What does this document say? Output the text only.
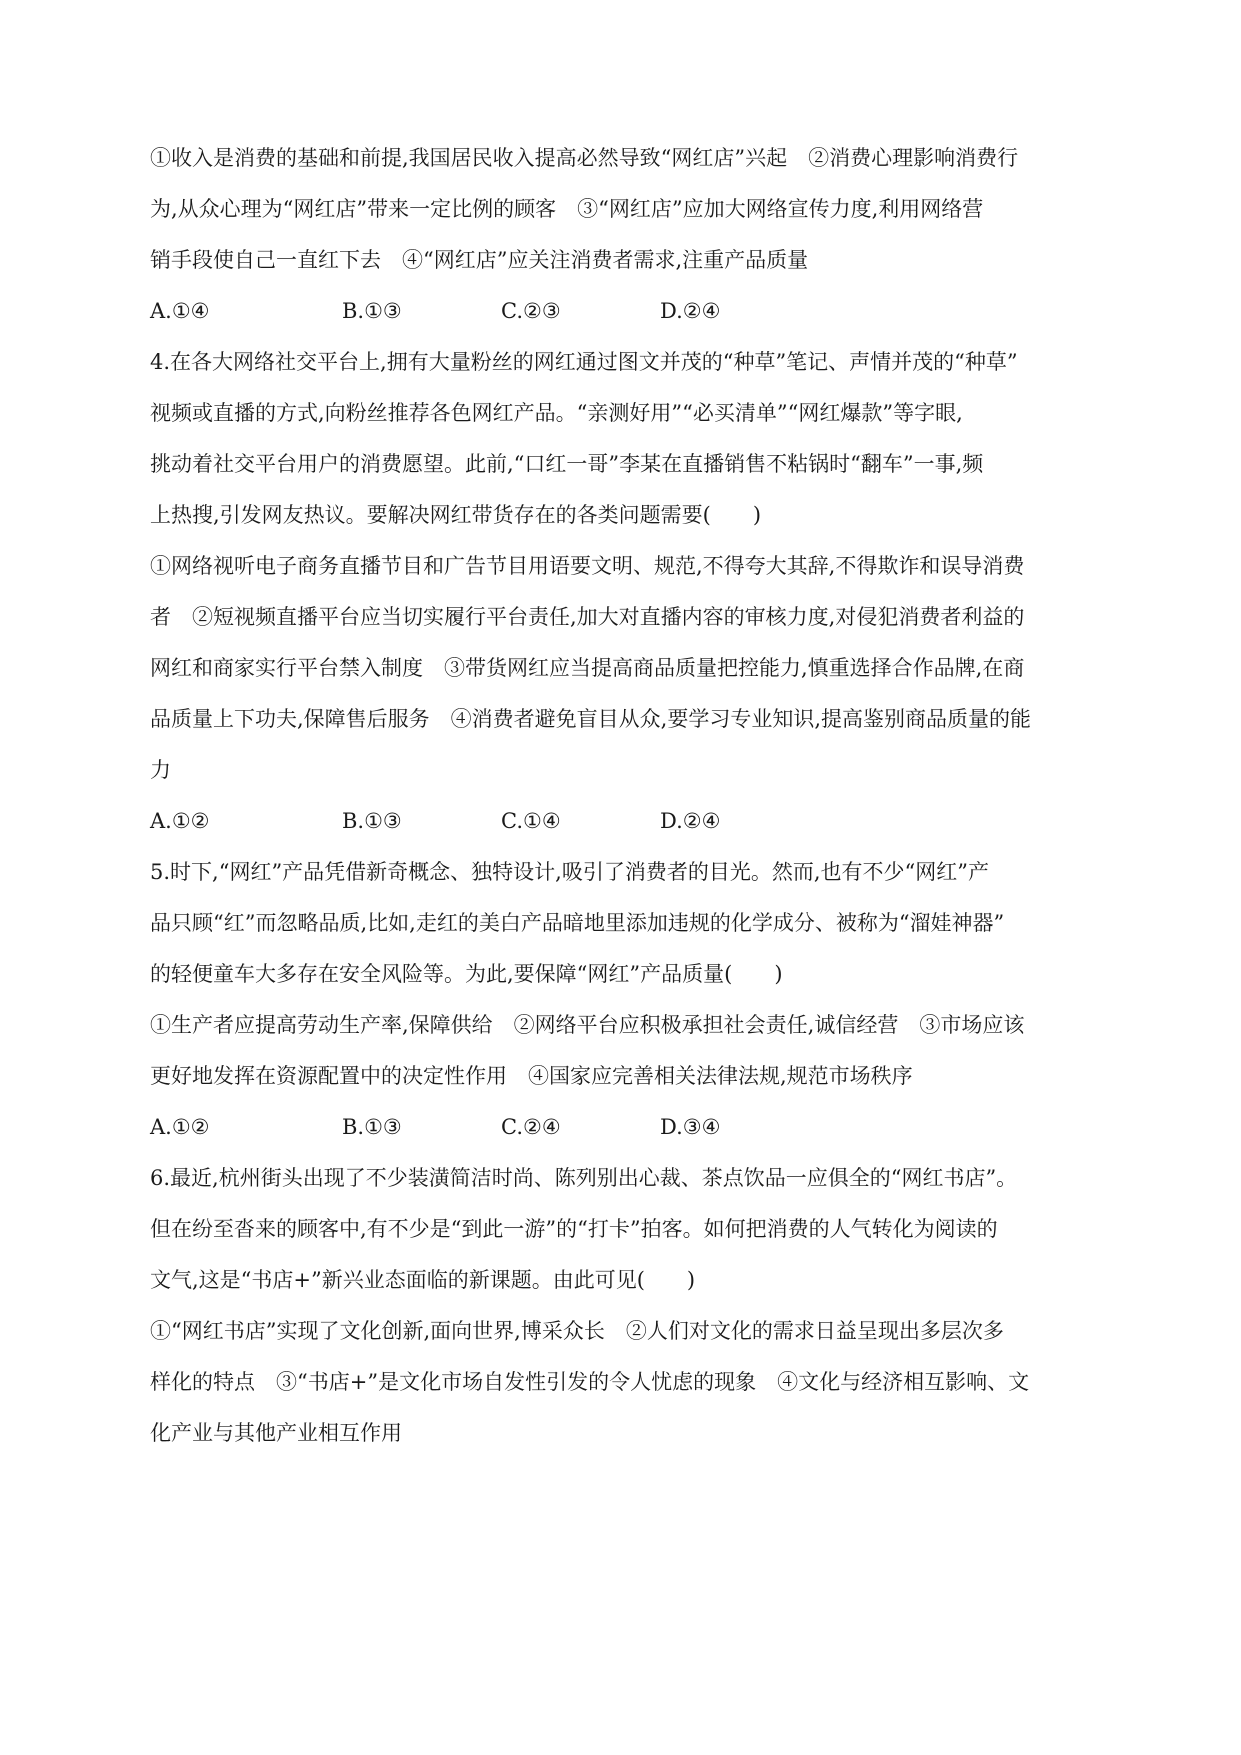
①收入是消费的基础和前提,我国居民收入提高必然导致“网红店”兴起　②消费心理影响消费行
为,从众心理为“网红店”带来一定比例的顾客　③“网红店”应加大网络宣传力度,利用网络营
销手段使自己一直红下去　④“网红店”应关注消费者需求,注重产品质量
A.①④	B.①③	C.②③	D.②④
4.在各大网络社交平台上,拥有大量粉丝的网红通过图文并茂的“种草”笔记、声情并茂的“种草”
视频或直播的方式,向粉丝推荐各色网红产品。“亲测好用”“必买清单”“网红爆款”等字眼,
挑动着社交平台用户的消费愿望。此前,“口红一哥”李某在直播销售不粘锅时“翻车”一事,频
上热搜,引发网友热议。要解决网红带货存在的各类问题需要(　　)
①网络视听电子商务直播节目和广告节目用语要文明、规范,不得夸大其辞,不得欺诈和误导消费
者　②短视频直播平台应当切实履行平台责任,加大对直播内容的审核力度,对侵犯消费者利益的
网红和商家实行平台禁入制度　③带货网红应当提高商品质量把控能力,慎重选择合作品牌,在商
品质量上下功夫,保障售后服务　④消费者避免盲目从众,要学习专业知识,提高鉴别商品质量的能
力
A.①②	B.①③	C.①④	D.②④
5.时下,“网红”产品凭借新奇概念、独特设计,吸引了消费者的目光。然而,也有不少“网红”产
品只顾“红”而忽略品质,比如,走红的美白产品暗地里添加违规的化学成分、被称为“溜娃神器”
的轻便童车大多存在安全风险等。为此,要保障“网红”产品质量(　　)
①生产者应提高劳动生产率,保障供给　②网络平台应积极承担社会责任,诚信经营　③市场应该
更好地发挥在资源配置中的决定性作用　④国家应完善相关法律法规,规范市场秩序
A.①②	B.①③	C.②④	D.③④
6.最近,杭州街头出现了不少装潢简洁时尚、陈列别出心裁、茶点饮品一应俱全的“网红书店”。
但在纷至沓来的顾客中,有不少是“到此一游”的“打卡”拍客。如何把消费的人气转化为阅读的
文气,这是“书店+”新兴业态面临的新课题。由此可见(　　)
①“网红书店”实现了文化创新,面向世界,博采众长　②人们对文化的需求日益呈现出多层次多
样化的特点　③“书店+”是文化市场自发性引发的令人忧虑的现象　④文化与经济相互影响、文
化产业与其他产业相互作用
